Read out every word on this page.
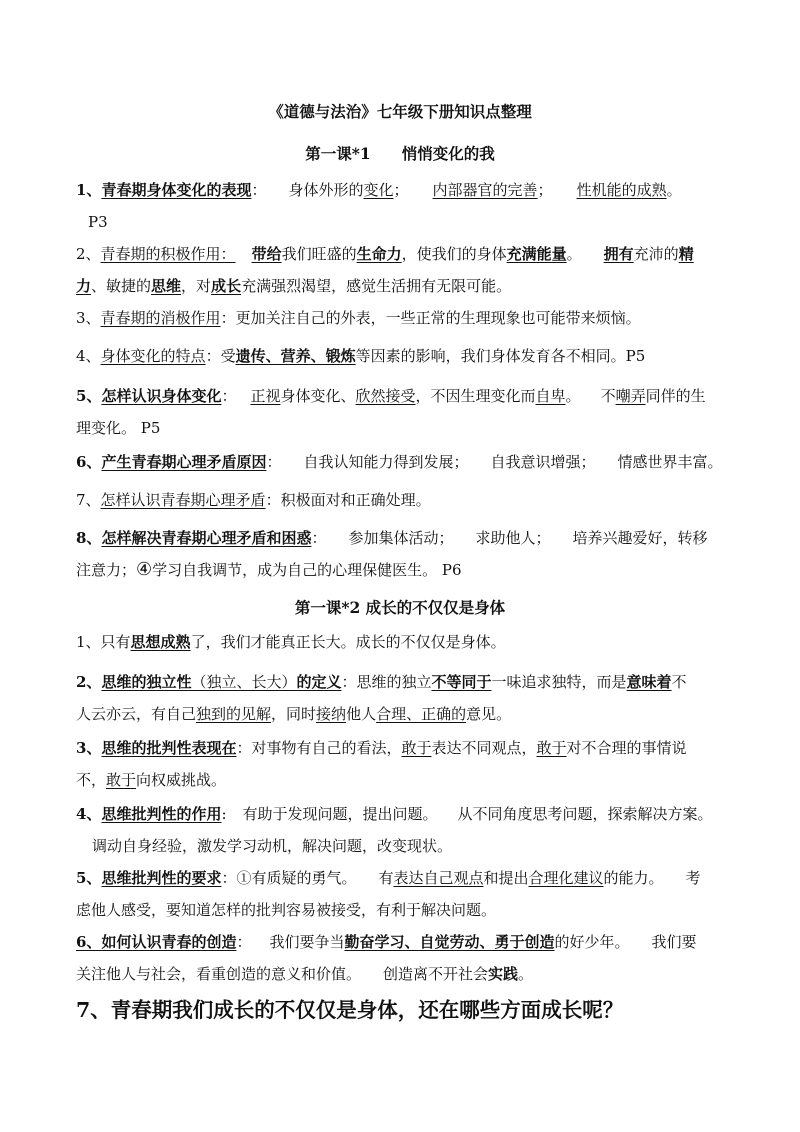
《道德与法治》七年级下册知识点整理
第一课*1　　悄悄变化的我
1、青春期身体变化的表现： 身体外形的变化； 内部器官的完善； 性机能的成熟。
P3
2、青春期的积极作用： 带给我们旺盛的生命力，使我们的身体充满能量。 拥有充沛的精
力、敏捷的思维，对成长充满强烈渴望，感觉生活拥有无限可能。
3、青春期的消极作用：更加关注自己的外表，一些正常的生理现象也可能带来烦恼。
4、身体变化的特点：受遗传、营养、锻炼等因素的影响，我们身体发育各不相同。P5
5、怎样认识身体变化： 正视身体变化、欣然接受，不因生理变化而自卑。 不嘲弄同伴的生
理变化。 P5
6、产生青春期心理矛盾原因： 自我认知能力得到发展； 自我意识增强； 情感世界丰富。
7、怎样认识青春期心理矛盾：积极面对和正确处理。
8、怎样解决青春期心理矛盾和困惑： 参加集体活动； 求助他人； 培养兴趣爱好，转移
注意力；④学习自我调节，成为自己的心理保健医生。 P6
第一课*2 成长的不仅仅是身体
1、只有思想成熟了，我们才能真正长大。成长的不仅仅是身体。
2、思维的独立性（独立、长大）的定义：思维的独立不等同于一味追求独特，而是意味着不
人云亦云，有自己独到的见解，同时接纳他人合理、正确的意见。
3、思维的批判性表现在：对事物有自己的看法，敢于表达不同观点，敢于对不合理的事情说
不，敢于向权威挑战。
4、思维批判性的作用: 有助于发现问题，提出问题。 从不同角度思考问题，探索解决方案。
调动自身经验，激发学习动机，解决问题，改变现状。
5、思维批判性的要求：①有质疑的勇气。 有表达自己观点和提出合理化建议的能力。 考
虑他人感受，要知道怎样的批判容易被接受，有利于解决问题。
6、如何认识青春的创造： 我们要争当勤奋学习、自觉劳动、勇于创造的好少年。 我们要
关注他人与社会，看重创造的意义和价值。 创造离不开社会实践。
7、青春期我们成长的不仅仅是身体，还在哪些方面成长呢？
